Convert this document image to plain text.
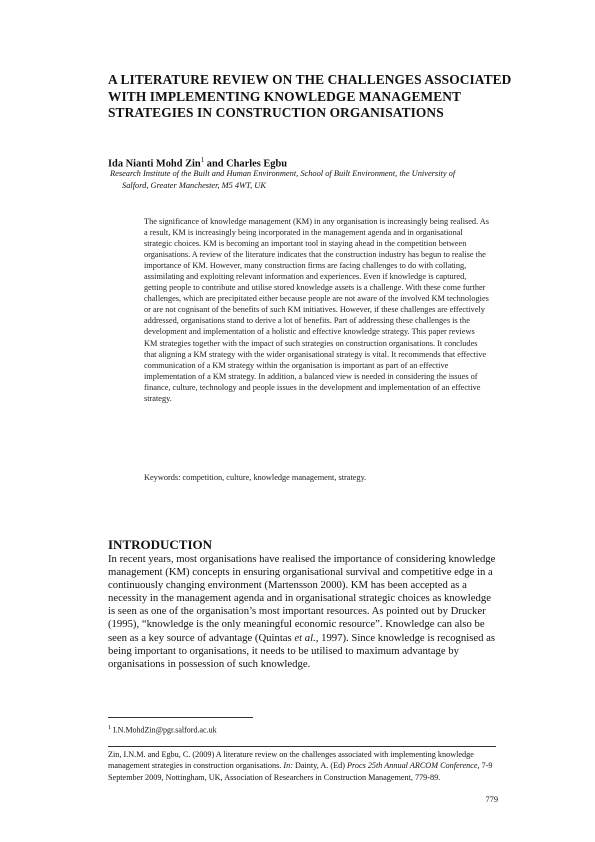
A LITERATURE REVIEW ON THE CHALLENGES ASSOCIATED WITH IMPLEMENTING KNOWLEDGE MANAGEMENT STRATEGIES IN CONSTRUCTION ORGANISATIONS
Ida Nianti Mohd Zin$^1$ and Charles Egbu
Research Institute of the Built and Human Environment, School of Built Environment, the University of
Salford, Greater Manchester, M5 4WT, UK

The significance of knowledge management (KM) in any organisation is increasingly being realised. As a result, KM is increasingly being incorporated in the management agenda and in organisational strategic choices. KM is becoming an important tool in staying ahead in the competition between organisations. A review of the literature indicates that the construction industry has begun to realise the importance of KM. However, many construction firms are facing challenges to do with collating, assimilating and exploiting relevant information and experiences. Even if knowledge is captured, getting people to contribute and utilise stored knowledge assets is a challenge. With these come further challenges, which are precipitated either because people are not aware of the involved KM technologies or are not cognisant of the benefits of such KM initiatives. However, if these challenges are effectively addressed, organisations stand to derive a lot of benefits. Part of addressing these challenges is the development and implementation of a holistic and effective knowledge strategy. This paper reviews KM strategies together with the impact of such strategies on construction organisations. It concludes that aligning a KM strategy with the wider organisational strategy is vital. It recommends that effective communication of a KM strategy within the organisation is important as part of an effective implementation of a KM strategy. In addition, a balanced view is needed in considering the issues of finance, culture, technology and people issues in the development and implementation of an effective strategy.

Keywords: competition, culture, knowledge management, strategy.
INTRODUCTION

In recent years, most organisations have realised the importance of considering knowledge management (KM) concepts in ensuring organisational survival and competitive edge in a continuously changing environment (Martensson 2000). KM has been accepted as a necessity in the management agenda and in organisational strategic choices as knowledge is seen as one of the organisation’s most important resources. As pointed out by Drucker (1995), “knowledge is the only meaningful economic resource”. Knowledge can also be seen as a key source of advantage (Quintas et al., 1997). Since knowledge is recognised as being important to organisations, it needs to be utilised to maximum advantage by organisations in possession of such knowledge.

$^1$ I.N.MohdZin@pgr.salford.ac.uk

Zin, I.N.M. and Egbu, C. (2009) A literature review on the challenges associated with implementing knowledge management strategies in construction organisations. In: Dainty, A. (Ed) Procs 25th Annual ARCOM Conference, 7-9 September 2009, Nottingham, UK, Association of Researchers in Construction Management, 779-89.

779
